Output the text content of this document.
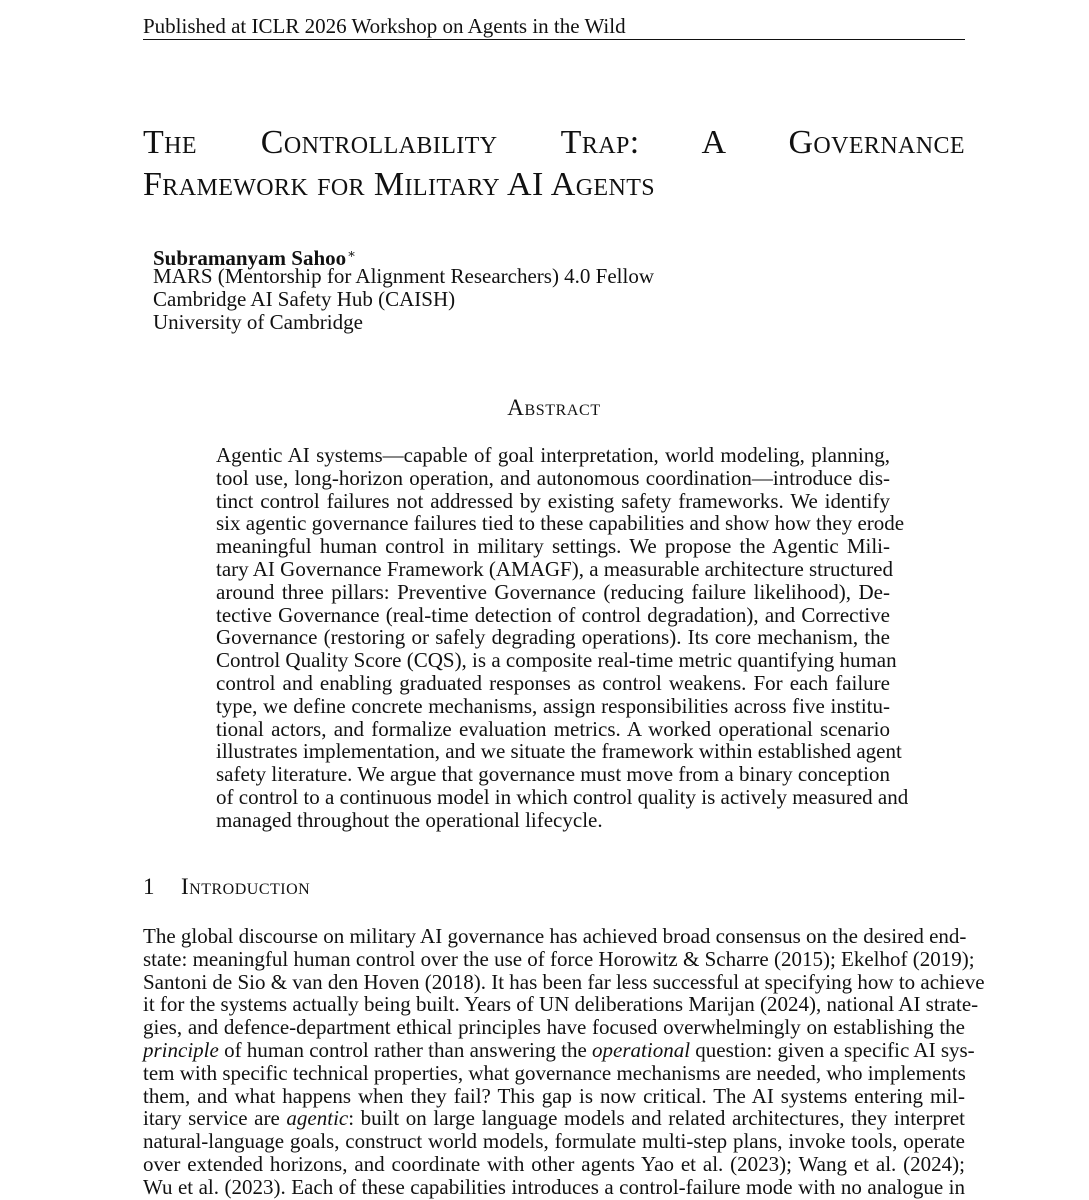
Published at ICLR 2026 Workshop on Agents in the Wild
The Controllability Trap: A Governance
Framework for Military AI Agents
Subramanyam Sahoo∗
MARS (Mentorship for Alignment Researchers) 4.0 Fellow
Cambridge AI Safety Hub (CAISH)
University of Cambridge
Abstract
Agentic AI systems—capable of goal interpretation, world modeling, planning,
tool use, long-horizon operation, and autonomous coordination—introduce dis-
tinct control failures not addressed by existing safety frameworks. We identify
six agentic governance failures tied to these capabilities and show how they erode
meaningful human control in military settings. We propose the Agentic Mili-
tary AI Governance Framework (AMAGF), a measurable architecture structured
around three pillars: Preventive Governance (reducing failure likelihood), De-
tective Governance (real-time detection of control degradation), and Corrective
Governance (restoring or safely degrading operations). Its core mechanism, the
Control Quality Score (CQS), is a composite real-time metric quantifying human
control and enabling graduated responses as control weakens. For each failure
type, we define concrete mechanisms, assign responsibilities across five institu-
tional actors, and formalize evaluation metrics. A worked operational scenario
illustrates implementation, and we situate the framework within established agent
safety literature. We argue that governance must move from a binary conception
of control to a continuous model in which control quality is actively measured and
managed throughout the operational lifecycle.
1 Introduction
The global discourse on military AI governance has achieved broad consensus on the desired end-
state: meaningful human control over the use of force Horowitz & Scharre (2015); Ekelhof (2019);
Santoni de Sio & van den Hoven (2018). It has been far less successful at specifying how to achieve
it for the systems actually being built. Years of UN deliberations Marijan (2024), national AI strate-
gies, and defence-department ethical principles have focused overwhelmingly on establishing the
principle of human control rather than answering the operational question: given a specific AI sys-
tem with specific technical properties, what governance mechanisms are needed, who implements
them, and what happens when they fail? This gap is now critical. The AI systems entering mil-
itary service are agentic: built on large language models and related architectures, they interpret
natural-language goals, construct world models, formulate multi-step plans, invoke tools, operate
over extended horizons, and coordinate with other agents Yao et al. (2023); Wang et al. (2024);
Wu et al. (2023). Each of these capabilities introduces a control-failure mode with no analogue in
